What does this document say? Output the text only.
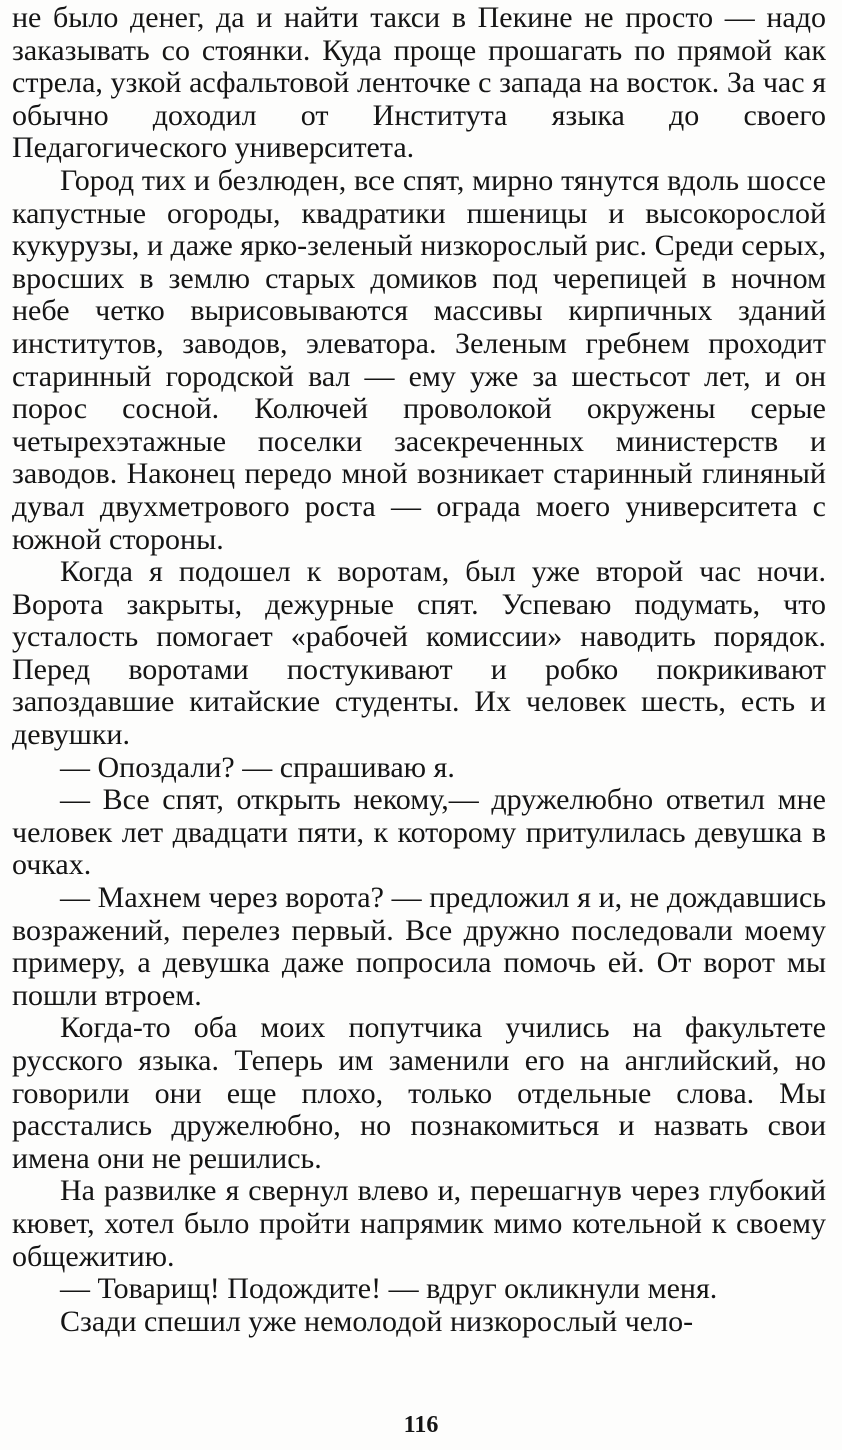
не было денег, да и найти такси в Пекине не просто — надо заказывать со стоянки. Куда проще прошагать по прямой как стрела, узкой асфальтовой ленточке с запада на восток. За час я обычно доходил от Института языка до своего Педагогического университета.

Город тих и безлюден, все спят, мирно тянутся вдоль шоссе капустные огороды, квадратики пшеницы и высокорослой кукурузы, и даже ярко-зеленый низкорослый рис. Среди серых, вросших в землю старых домиков под черепицей в ночном небе четко вырисовываются массивы кирпичных зданий институтов, заводов, элеватора. Зеленым гребнем проходит старинный городской вал — ему уже за шестьсот лет, и он порос сосной. Колючей проволокой окружены серые четырехэтажные поселки засекреченных министерств и заводов. Наконец передо мной возникает старинный глиняный дувал двухметрового роста — ограда моего университета с южной стороны.

Когда я подошел к воротам, был уже второй час ночи. Ворота закрыты, дежурные спят. Успеваю подумать, что усталость помогает «рабочей комиссии» наводить порядок. Перед воротами постукивают и робко покрикивают запоздавшие китайские студенты. Их человек шесть, есть и девушки.

— Опоздали? — спрашиваю я.

— Все спят, открыть некому,— дружелюбно ответил мне человек лет двадцати пяти, к которому притулилась девушка в очках.

— Махнем через ворота? — предложил я и, не дождавшись возражений, перелез первый. Все дружно последовали моему примеру, а девушка даже попросила помочь ей. От ворот мы пошли втроем.

Когда-то оба моих попутчика учились на факультете русского языка. Теперь им заменили его на английский, но говорили они еще плохо, только отдельные слова. Мы расстались дружелюбно, но познакомиться и назвать свои имена они не решились.

На развилке я свернул влево и, перешагнув через глубокий кювет, хотел было пройти напрямик мимо котельной к своему общежитию.

— Товарищ! Подождите! — вдруг окликнули меня.

Сзади спешил уже немолодой низкорослый чело-

116
